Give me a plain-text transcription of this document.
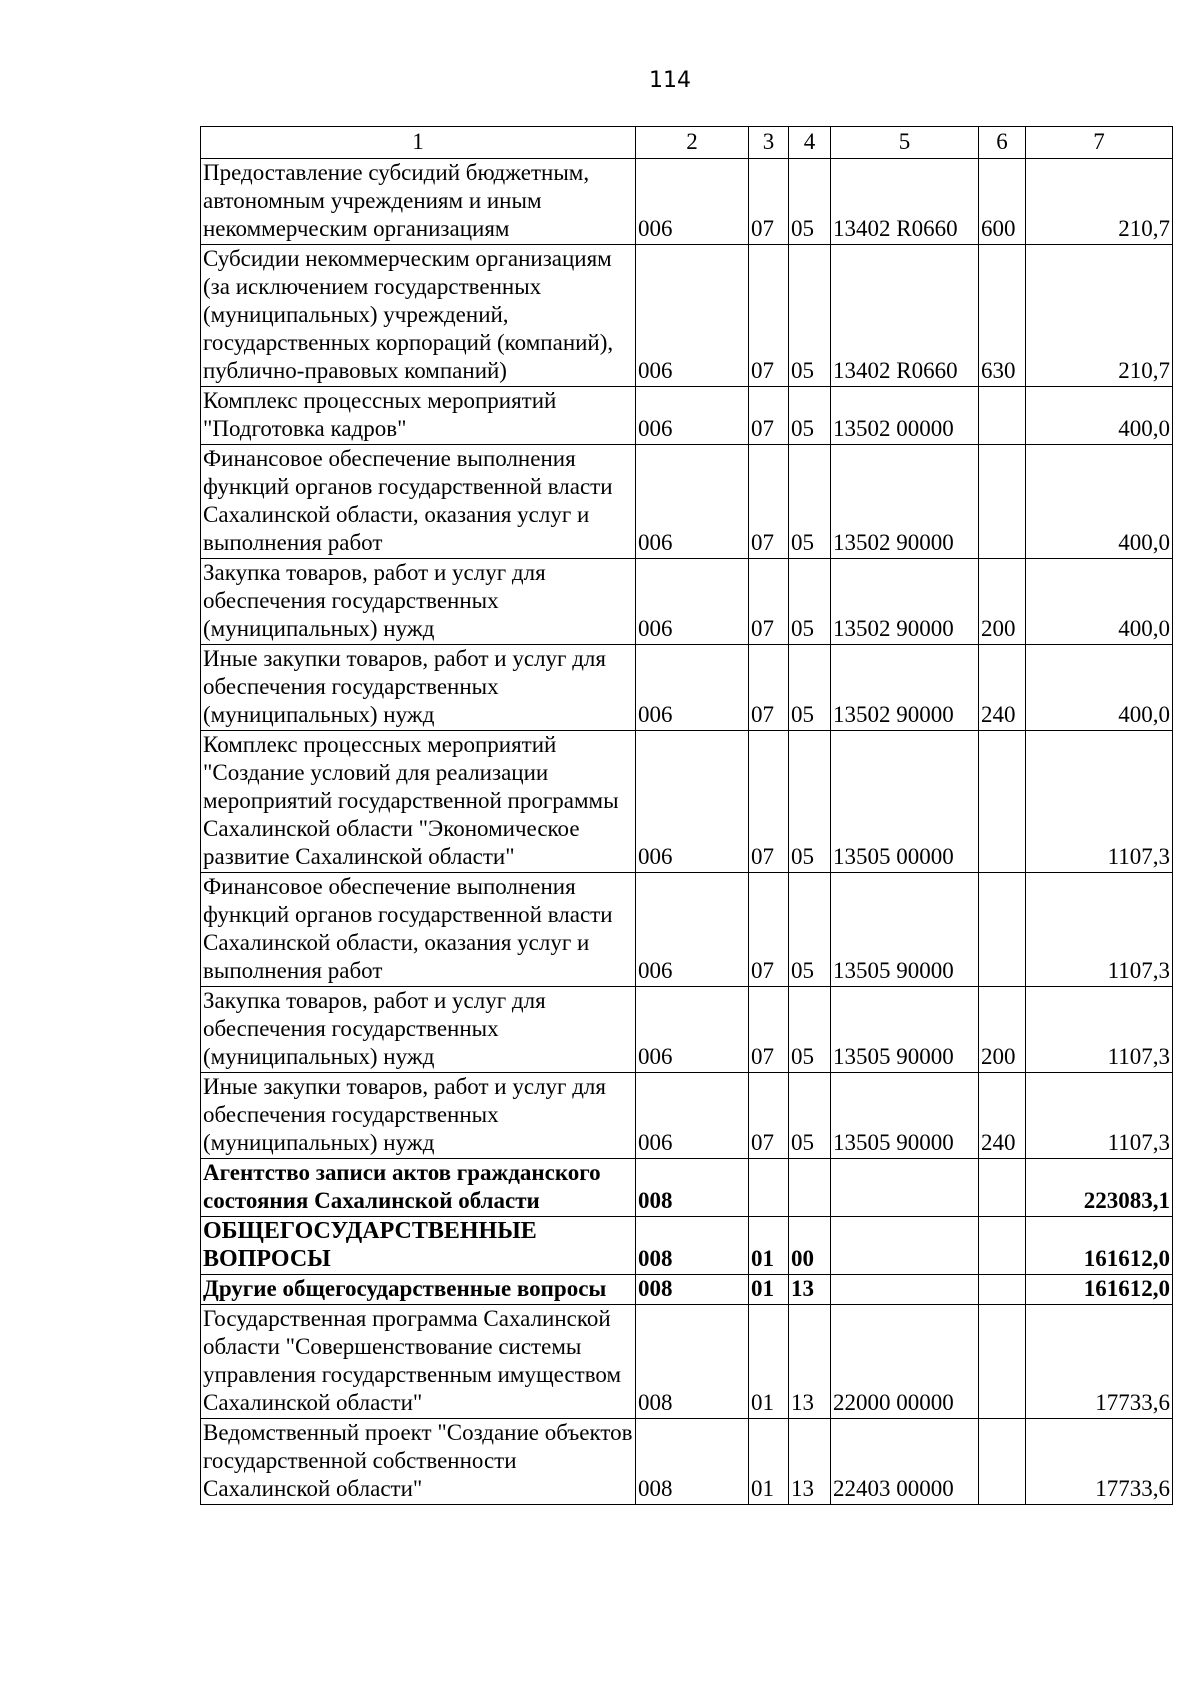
114
1	2	3	4	5	6	7
Предоставление субсидий бюджетным, автономным учреждениям и иным некоммерческим организациям	006	07	05	13402 R0660	600	210,7
Субсидии некоммерческим организациям (за исключением государственных (муниципальных) учреждений, государственных корпораций (компаний), публично-правовых компаний)	006	07	05	13402 R0660	630	210,7
Комплекс процессных мероприятий "Подготовка кадров"	006	07	05	13502 00000		400,0
Финансовое обеспечение выполнения функций органов государственной власти Сахалинской области, оказания услуг и выполнения работ	006	07	05	13502 90000		400,0
Закупка товаров, работ и услуг для обеспечения государственных (муниципальных) нужд	006	07	05	13502 90000	200	400,0
Иные закупки товаров, работ и услуг для обеспечения государственных (муниципальных) нужд	006	07	05	13502 90000	240	400,0
Комплекс процессных мероприятий "Создание условий для реализации мероприятий государственной программы Сахалинской области "Экономическое развитие Сахалинской области"	006	07	05	13505 00000		1107,3
Финансовое обеспечение выполнения функций органов государственной власти Сахалинской области, оказания услуг и выполнения работ	006	07	05	13505 90000		1107,3
Закупка товаров, работ и услуг для обеспечения государственных (муниципальных) нужд	006	07	05	13505 90000	200	1107,3
Иные закупки товаров, работ и услуг для обеспечения государственных (муниципальных) нужд	006	07	05	13505 90000	240	1107,3
Агентство записи актов гражданского состояния Сахалинской области	008					223083,1
ОБЩЕГОСУДАРСТВЕННЫЕ ВОПРОСЫ	008	01	00			161612,0
Другие общегосударственные вопросы	008	01	13			161612,0
Государственная программа Сахалинской области "Совершенствование системы управления государственным имуществом Сахалинской области"	008	01	13	22000 00000		17733,6
Ведомственный проект "Создание объектов государственной собственности Сахалинской области"	008	01	13	22403 00000		17733,6
